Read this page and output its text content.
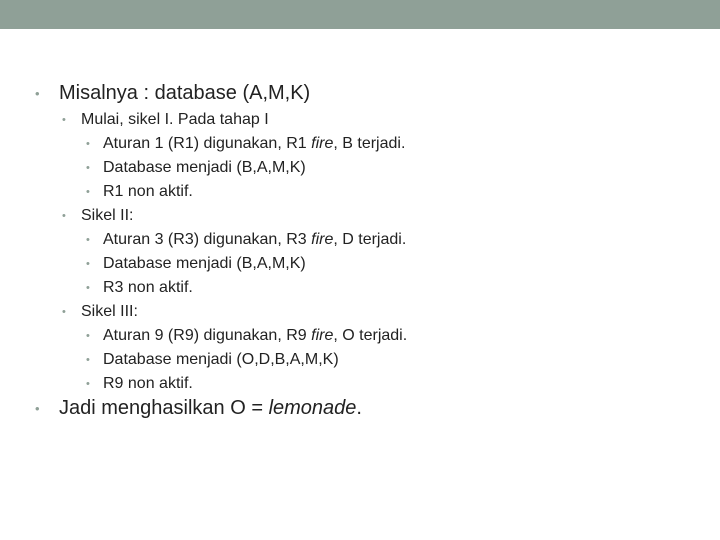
• Misalnya : database (A,M,K)
• Mulai, sikel I. Pada tahap I
• Aturan 1 (R1) digunakan, R1 fire, B terjadi.
• Database menjadi (B,A,M,K)
• R1 non aktif.
• Sikel II:
• Aturan 3 (R3) digunakan, R3 fire, D terjadi.
• Database menjadi (B,A,M,K)
• R3 non aktif.
• Sikel III:
• Aturan 9 (R9) digunakan, R9 fire, O terjadi.
• Database menjadi (O,D,B,A,M,K)
• R9 non aktif.
• Jadi menghasilkan O = lemonade.
